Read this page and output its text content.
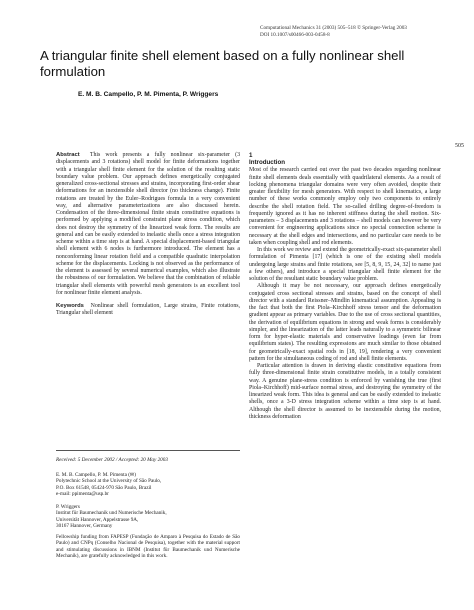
Computational Mechanics 31 (2003) 505–518 © Springer-Verlag 2003
DOI 10.1007/s00466-003-0458-8
A triangular finite shell element based on a fully nonlinear shell formulation
E. M. B. Campello, P. M. Pimenta, P. Wriggers
505

Abstract This work presents a fully nonlinear six-parameter (3 displacements and 3 rotations) shell model for finite deformations together with a triangular shell finite element for the solution of the resulting static boundary value problem. Our approach defines energetically conjugated generalized cross-sectional stresses and strains, incorporating first-order shear deformations for an inextensible shell director (no thickness change). Finite rotations are treated by the Euler–Rodrigues formula in a very convenient way, and alternative parameterizations are also discussed herein. Condensation of the three-dimensional finite strain constitutive equations is performed by applying a modified constraint plane stress condition, which does not destroy the symmetry of the linearized weak form. The results are general and can be easily extended to inelastic shells once a stress integration scheme within a time step is at hand. A special displacement-based triangular shell element with 6 nodes is furthermore introduced. The element has a nonconforming linear rotation field and a compatible quadratic interpolation scheme for the displacements. Locking is not observed as the performance of the element is assessed by several numerical examples, which also illustrate the robustness of our formulation. We believe that the combination of reliable triangular shell elements with powerful mesh generators is an excellent tool for nonlinear finite element analysis.

Keywords Nonlinear shell formulation, Large strains, Finite rotations, Triangular shell element

Received: 5 December 2002 / Accepted: 20 May 2003

E. M. B. Campello, P. M. Pimenta (✉)
Polytechnic School at the University of São Paulo,
P.O. Box 61548, 05424-970 São Paulo, Brazil
e-mail: ppimenta@usp.br
P. Wriggers
Institut für Baumechanik und Numerische Mechanik,
Universität Hannover, Appelstrasse 9A,
30167 Hannover, Germany

Fellowship funding from FAPESP (Fundação de Amparo à Pesquisa do Estado de São Paulo) and CNPq (Conselho Nacional de Pesquisa), together with the material support and stimulating discussions in IBNM (Institut für Baumechanik und Numerische Mechanik), are gratefully acknowledged in this work.

1
Introduction

Most of the research carried out over the past two decades regarding nonlinear finite shell elements deals essentially with quadrilateral elements. As a result of locking phenomena triangular domains were very often avoided, despite their greater flexibility for mesh generators. With respect to shell kinematics, a large number of these works commonly employ only two components to entirely describe the shell rotation field. The so-called drilling degree-of-freedom is frequently ignored as it has no inherent stiffness during the shell motion. Six-parameters – 3 displacements and 3 rotations – shell models can however be very convenient for engineering applications since no special connection scheme is necessary at the shell edges and intersections, and no particular care needs to be taken when coupling shell and rod elements.

In this work we review and extend the geometrically-exact six-parameter shell formulation of Pimenta [17] (which is one of the existing shell models undergoing large strains and finite rotations, see [5, 8, 9, 15, 24, 32] to name just a few others), and introduce a special triangular shell finite element for the solution of the resultant static boundary value problem.

Although it may be not necessary, our approach defines energetically conjugated cross sectional stresses and strains, based on the concept of shell director with a standard Reissner–Mindlin kinematical assumption. Appealing is the fact that both the first Piola–Kirchhoff stress tensor and the deformation gradient appear as primary variables. Due to the use of cross sectional quantities, the derivation of equilibrium equations in strong and weak forms is considerably simpler, and the linearization of the latter leads naturally to a symmetric bilinear form for hyper-elastic materials and conservative loadings (even far from equilibrium states). The resulting expressions are much similar to those obtained for geometrically-exact spatial rods in [18, 19], rendering a very convenient pattern for the simultaneous coding of rod and shell finite elements.

Particular attention is drawn in deriving elastic constitutive equations from fully three-dimensional finite strain constitutive models, in a totally consistent way. A genuine plane-stress condition is enforced by vanishing the true (first Piola–Kirchhoff) mid-surface normal stress, and destroying the symmetry of the linearized weak form. This idea is general and can be easily extended to inelastic shells, once a 3-D stress integration scheme within a time step is at hand. Although the shell director is assumed to be inextensible during the motion, thickness deformation
